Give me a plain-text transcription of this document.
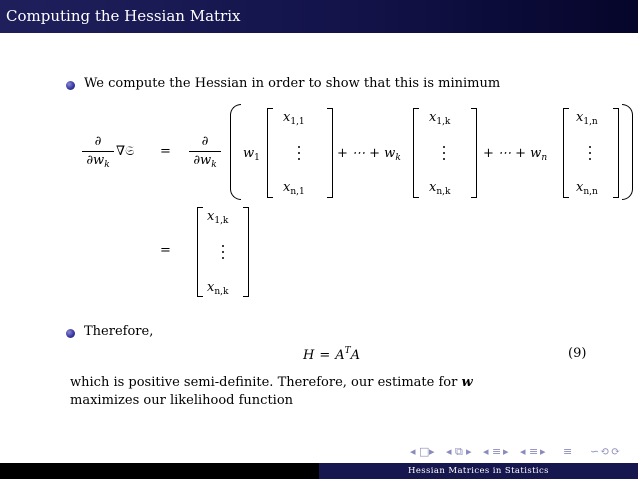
Computing the Hessian Matrix
We compute the Hessian in order to show that this is minimum
∂
$\partial w_k$
∇𝔖 =
∂
$\partial w_k$
$w_1$
$x_{1,1}$
$x_{n,1}$
+ ⋯ + $w_k$
$x_{1,k}$
$x_{n,k}$
+ ⋯ + $w_n$
$x_{1,n}$
$x_{n,n}$
=
$x_{1,k}$
$x_{n,k}$
Therefore,
$H = A^TA$	(9)
which is positive semi-definite. Therefore, our estimate for w
maximizes our likelihood function
◂ □ ▸ ◂ ⧉ ▸ ◂ ≡ ▸ ◂ ≡ ▸ ≡ ∽ ⟲ ⟳
Hessian Matrices in Statistics
